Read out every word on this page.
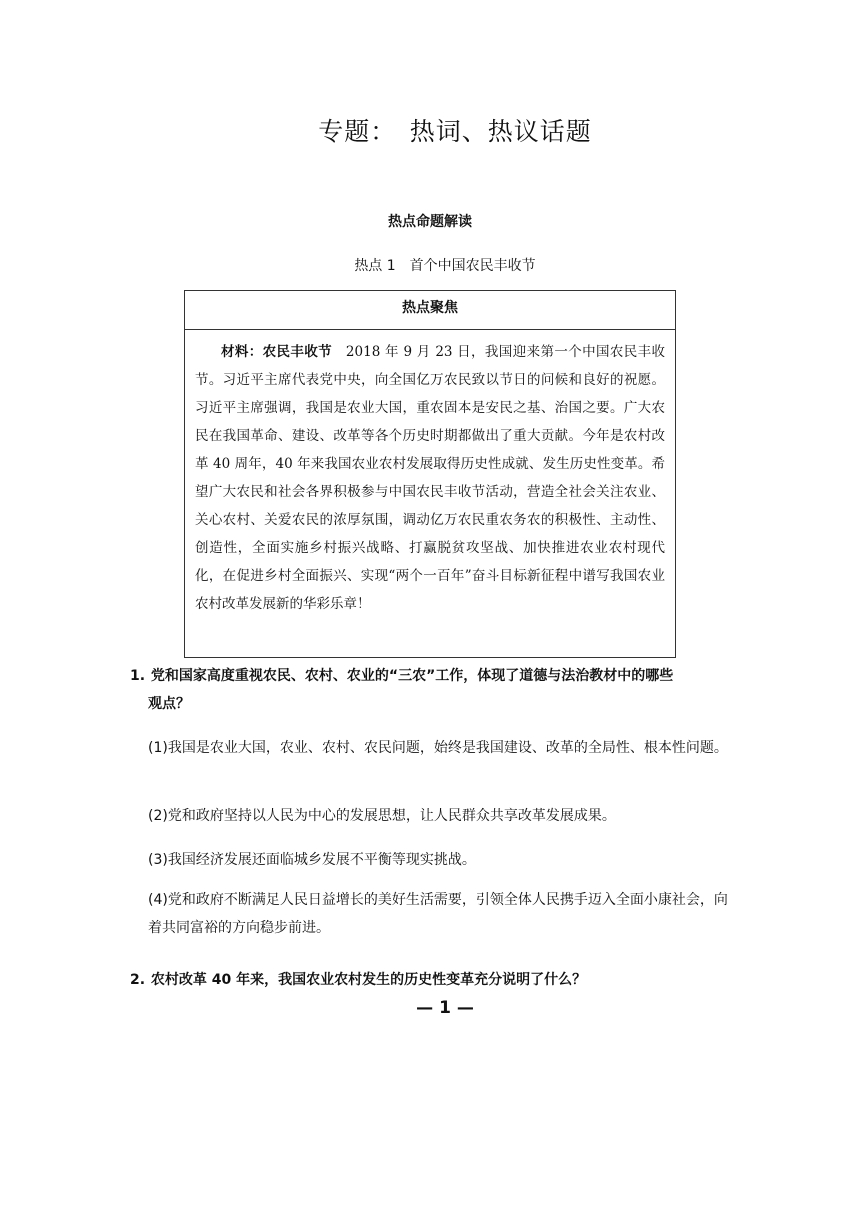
专题：　热词、热议话题
热点命题解读
热点 1　首个中国农民丰收节
热点聚焦
材料：农民丰收节　2018 年 9 月 23 日，我国迎来第一个中国农民丰收节。习近平主席代表党中央，向全国亿万农民致以节日的问候和良好的祝愿。习近平主席强调，我国是农业大国，重农固本是安民之基、治国之要。广大农民在我国革命、建设、改革等各个历史时期都做出了重大贡献。今年是农村改革 40 周年，40 年来我国农业农村发展取得历史性成就、发生历史性变革。希望广大农民和社会各界积极参与中国农民丰收节活动，营造全社会关注农业、关心农村、关爱农民的浓厚氛围，调动亿万农民重农务农的积极性、主动性、创造性，全面实施乡村振兴战略、打赢脱贫攻坚战、加快推进农业农村现代化，在促进乡村全面振兴、实现“两个一百年”奋斗目标新征程中谱写我国农业农村改革发展新的华彩乐章！
1. 党和国家高度重视农民、农村、农业的“三农”工作，体现了道德与法治教材中的哪些
观点？
(1)我国是农业大国，农业、农村、农民问题，始终是我国建设、改革的全局性、根本性问题。
(2)党和政府坚持以人民为中心的发展思想，让人民群众共享改革发展成果。
(3)我国经济发展还面临城乡发展不平衡等现实挑战。
(4)党和政府不断满足人民日益增长的美好生活需要，引领全体人民携手迈入全面小康社会，向着共同富裕的方向稳步前进。
2. 农村改革 40 年来，我国农业农村发生的历史性变革充分说明了什么？
— 1 —
